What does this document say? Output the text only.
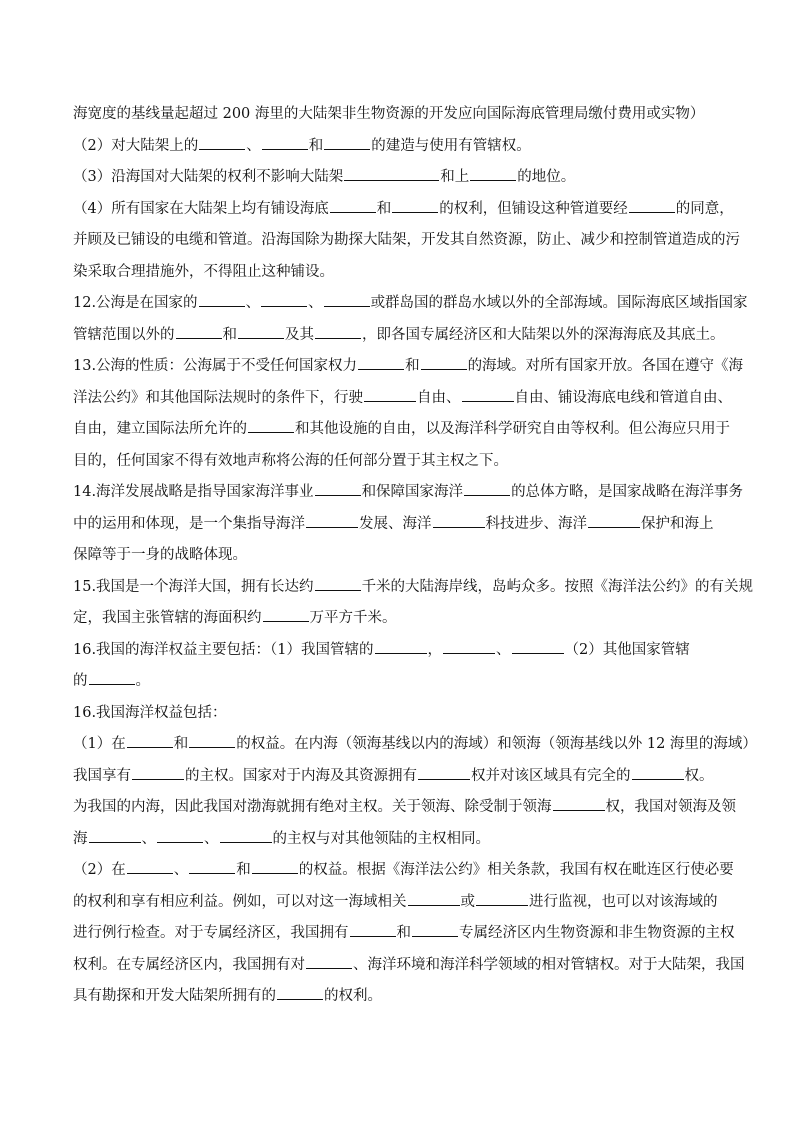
海宽度的基线量起超过 200 海里的大陆架非生物资源的开发应向国际海底管理局缴付费用或实物）
（2）对大陆架上的	、	和	的建造与使用有管辖权。
（3）沿海国对大陆架的权利不影响大陆架	和上	的地位。
（4）所有国家在大陆架上均有铺设海底	和	的权利，但铺设这种管道要经	的同意，
并顾及已铺设的电缆和管道。沿海国除为勘探大陆架，开发其自然资源，防止、减少和控制管道造成的污
染采取合理措施外，不得阻止这种铺设。
12.公海是在国家的	、	、	或群岛国的群岛水域以外的全部海域。国际海底区域指国家
管辖范围以外的	和	及其	，即各国专属经济区和大陆架以外的深海海底及其底土。
13.公海的性质：公海属于不受任何国家权力	和	的海域。对所有国家开放。各国在遵守《海
洋法公约》和其他国际法规时的条件下，行驶	自由、	自由、铺设海底电线和管道自由、
自由，建立国际法所允许的	和其他设施的自由，以及海洋科学研究自由等权利。但公海应只用于
目的，任何国家不得有效地声称将公海的任何部分置于其主权之下。
14.海洋发展战略是指导国家海洋事业	和保障国家海洋	的总体方略，是国家战略在海洋事务
中的运用和体现，是一个集指导海洋	发展、海洋	科技进步、海洋	保护和海上
保障等于一身的战略体现。
15.我国是一个海洋大国，拥有长达约	千米的大陆海岸线，岛屿众多。按照《海洋法公约》的有关规
定，我国主张管辖的海面积约	万平方千米。
16.我国的海洋权益主要包括：（1）我国管辖的	，	、	（2）其他国家管辖
的	。
16.我国海洋权益包括：
（1）在	和	的权益。在内海（领海基线以内的海域）和领海（领海基线以外 12 海里的海域）
我国享有	的主权。国家对于内海及其资源拥有	权并对该区域具有完全的	权。
为我国的内海，因此我国对渤海就拥有绝对主权。关于领海、除受制于领海	权，我国对领海及领
海	、	、	的主权与对其他领陆的主权相同。
（2）在	、	和	的权益。根据《海洋法公约》相关条款，我国有权在毗连区行使必要
的权利和享有相应利益。例如，可以对这一海域相关	或	进行监视，也可以对该海域的
进行例行检查。对于专属经济区，我国拥有	和	专属经济区内生物资源和非生物资源的主权
权利。在专属经济区内，我国拥有对	、海洋环境和海洋科学领域的相对管辖权。对于大陆架，我国
具有勘探和开发大陆架所拥有的	的权利。
